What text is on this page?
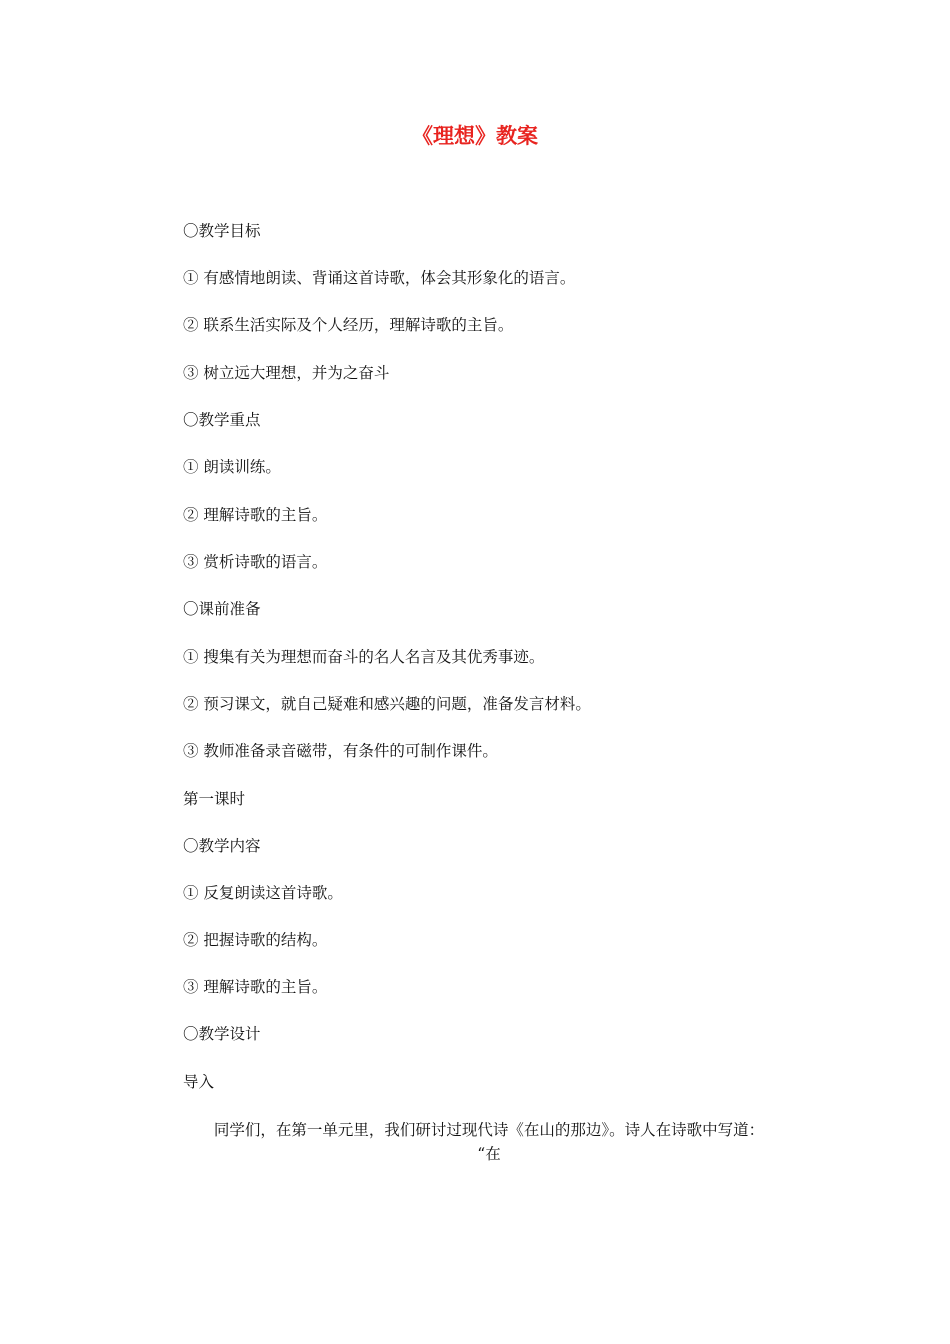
《理想》教案

〇教学目标

① 有感情地朗读、背诵这首诗歌，体会其形象化的语言。

② 联系生活实际及个人经历，理解诗歌的主旨。

③ 树立远大理想，并为之奋斗

〇教学重点

① 朗读训练。

② 理解诗歌的主旨。

③ 赏析诗歌的语言。

〇课前准备

① 搜集有关为理想而奋斗的名人名言及其优秀事迹。

② 预习课文，就自己疑难和感兴趣的问题，准备发言材料。

③ 教师准备录音磁带，有条件的可制作课件。

第一课时

〇教学内容

① 反复朗读这首诗歌。

② 把握诗歌的结构。

③ 理解诗歌的主旨。

〇教学设计

导入

同学们，在第一单元里，我们研讨过现代诗《在山的那边》。诗人在诗歌中写道：

“在
